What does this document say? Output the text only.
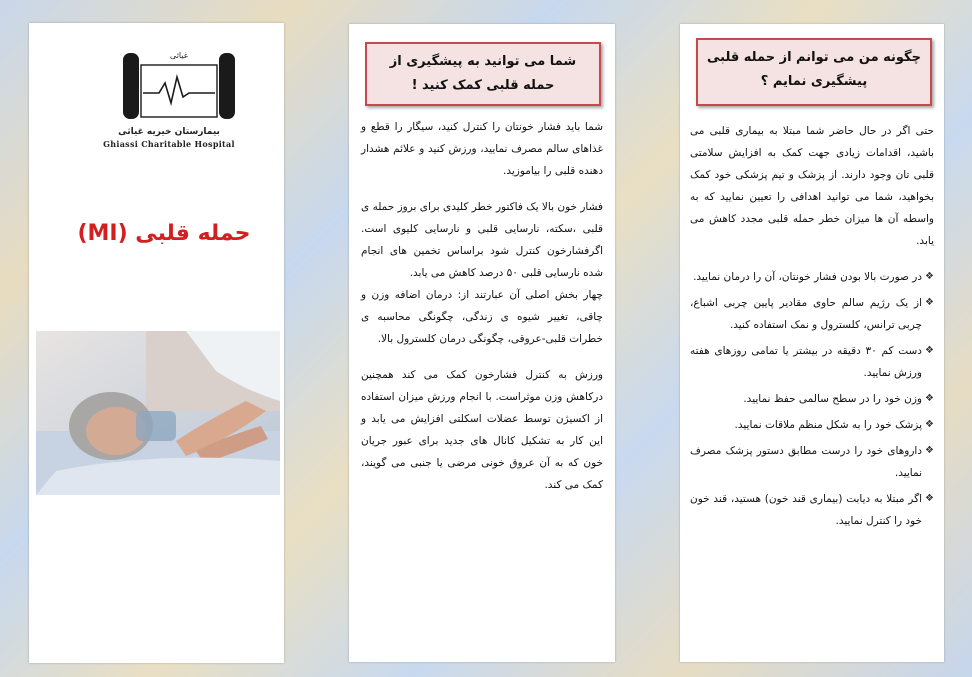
غیاثی
بیمارستان خیریه غیاثی
Ghiassi Charitable Hospital
حمله قلبی (MI)
شما می توانید به پیشگیری از حمله قلبی کمک کنید !

شما باید فشار خونتان را کنترل کنید، سیگار را قطع و غذاهای سالم مصرف نمایید، ورزش کنید و علائم هشدار دهنده قلبی را بیاموزید.

فشار خون بالا یک فاکتور خطر کلیدی برای بروز حمله ی قلبی ،سکته، نارسایی قلبی و نارسایی کلیوی است. اگرفشارخون کنترل شود براساس تخمین های انجام شده نارسایی قلبی ۵۰ درصد کاهش می یابد.

چهار بخش اصلی آن عبارتند از: درمان اضافه وزن و چاقی، تغییر شیوه ی زندگی، چگونگی محاسبه ی خطرات قلبی-عروقی، چگونگی درمان کلسترول بالا.

ورزش به کنترل فشارخون کمک می کند همچنین درکاهش وزن موثراست. با انجام ورزش میزان استفاده از اکسیژن توسط عضلات اسکلتی افزایش می یابد و این کار به تشکیل کانال های جدید برای عبور جریان خون که به آن عروق خونی مرضی یا جنبی می گویند، کمک می کند.

چگونه من می توانم از حمله قلبی پیشگیری نمایم ؟

حتی اگر در حال حاضر شما مبتلا به بیماری قلبی می باشید، اقدامات زیادی جهت کمک به افزایش سلامتی قلبی تان وجود دارند. از پزشک و تیم پزشکی خود کمک بخواهید، شما می توانید اهدافی را تعیین نمایید که به واسطه آن ها میزان خطر حمله قلبی مجدد کاهش می یابد.

❖
در صورت بالا بودن فشار خونتان، آن را درمان نمایید.
❖
از یک رژیم سالم حاوی مقادیر پایین چربی اشباع، چربی ترانس، کلسترول و نمک استفاده کنید.
❖
دست کم ۳۰ دقیقه در بیشتر یا تمامی روزهای هفته ورزش نمایید.
❖
وزن خود را در سطح سالمی حفظ نمایید.
❖
پزشک خود را به شکل منظم ملاقات نمایید.
❖
داروهای خود را درست مطابق دستور پزشک مصرف نمایید.
❖
اگر مبتلا به دیابت (بیماری قند خون) هستید، قند خون خود را کنترل نمایید.
